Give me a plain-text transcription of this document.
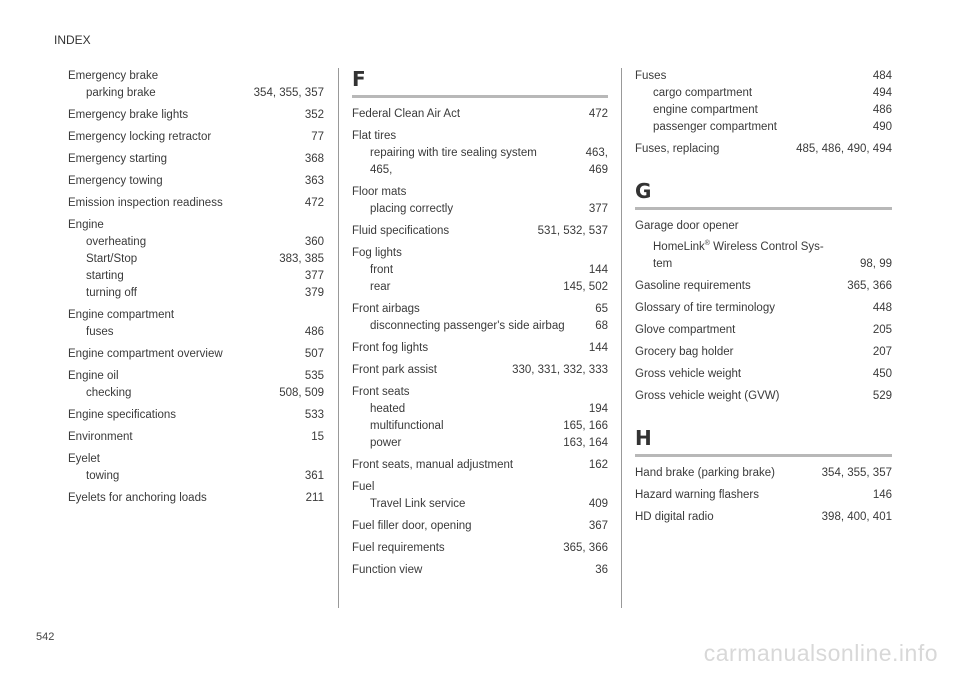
INDEX
Emergency brake
parking brake	354, 355, 357
Emergency brake lights	352
Emergency locking retractor	77
Emergency starting	368
Emergency towing	363
Emission inspection readiness	472
Engine
overheating	360
Start/Stop	383, 385
starting	377
turning off	379
Engine compartment
fuses	486
Engine compartment overview	507
Engine oil	535
checking	508, 509
Engine specifications	533
Environment	15
Eyelet
towing	361
Eyelets for anchoring loads	211
F
Federal Clean Air Act	472
Flat tires
repairing with tire sealing system	463,
465,	469
Floor mats
placing correctly	377
Fluid specifications	531, 532, 537
Fog lights
front	144
rear	145, 502
Front airbags	65
disconnecting passenger's side airbag	68
Front fog lights	144
Front park assist	330, 331, 332, 333
Front seats
heated	194
multifunctional	165, 166
power	163, 164
Front seats, manual adjustment	162
Fuel
Travel Link service	409
Fuel filler door, opening	367
Fuel requirements	365, 366
Function view	36
Fuses	484
cargo compartment	494
engine compartment	486
passenger compartment	490
Fuses, replacing	485, 486, 490, 494
G
Garage door opener
HomeLink® Wireless Control Sys-
tem	98, 99
Gasoline requirements	365, 366
Glossary of tire terminology	448
Glove compartment	205
Grocery bag holder	207
Gross vehicle weight	450
Gross vehicle weight (GVW)	529
H
Hand brake (parking brake)	354, 355, 357
Hazard warning flashers	146
HD digital radio	398, 400, 401
542
carmanualsonline.info
